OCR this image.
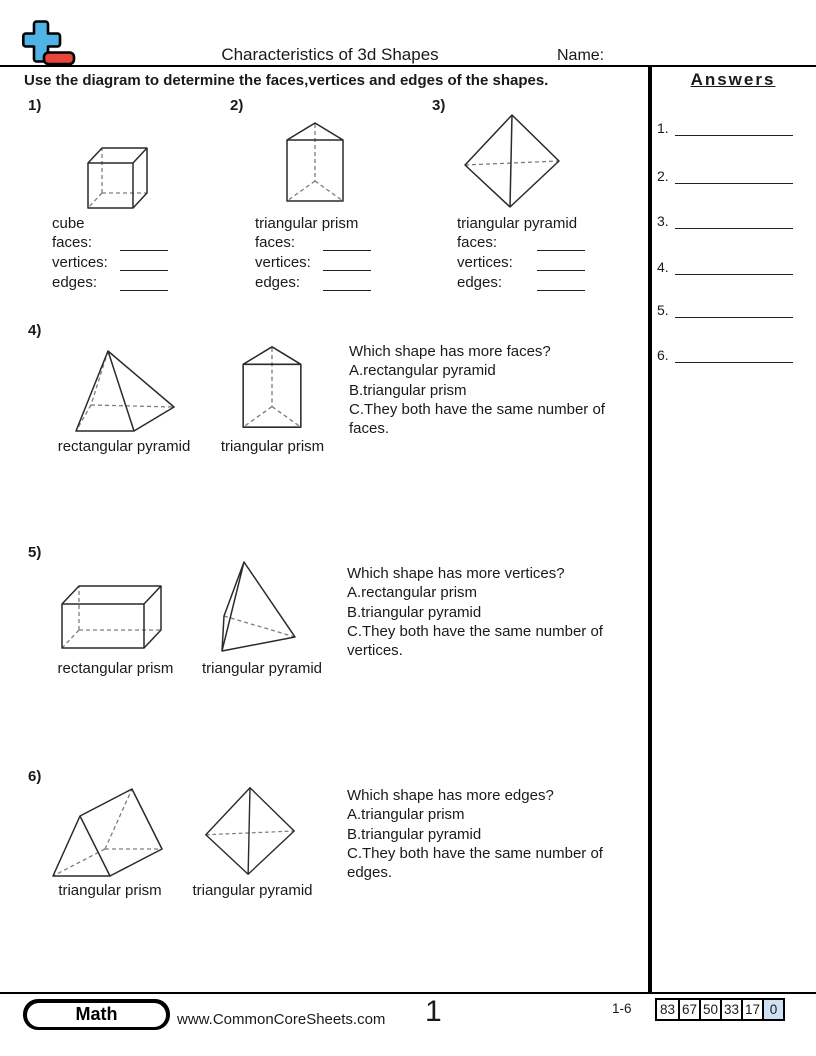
Characteristics of 3d Shapes	Name:
Use the diagram to determine the faces,vertices and edges of the shapes.	Answers
1.
2.
3.
4.
5.
6.
1)
cube
faces:
vertices:
edges:
2)
triangular prism
faces:
vertices:
edges:
3)
triangular pyramid
faces:
vertices:
edges:
4)
rectangular pyramid	triangular prism
Which shape has more faces?
A.rectangular pyramid
B.triangular prism
C.They both have the same number of faces.
5)
rectangular prism	triangular pyramid
Which shape has more vertices?
A.rectangular prism
B.triangular pyramid
C.They both have the same number of vertices.
6)
triangular prism	triangular pyramid
Which shape has more edges?
A.triangular prism
B.triangular pyramid
C.They both have the same number of edges.
Math	www.CommonCoreSheets.com 1	1-6 83 67 50 33 17 0
